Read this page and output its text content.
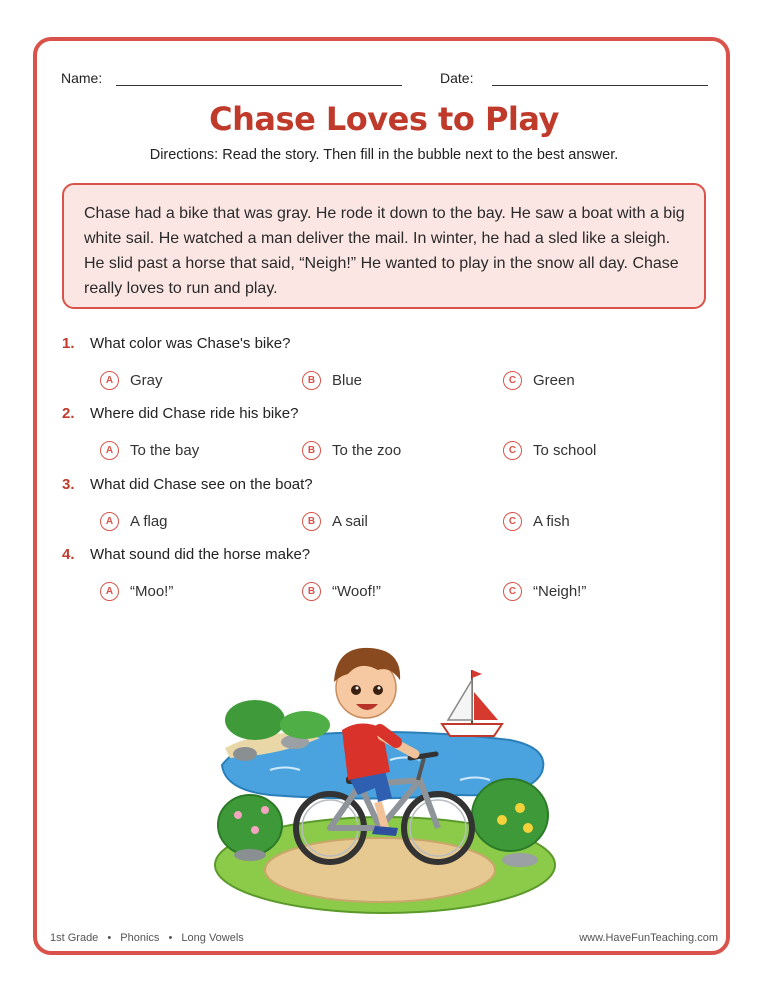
Name:	Date:
Chase Loves to Play
Directions: Read the story. Then fill in the bubble next to the best answer.
Chase had a bike that was gray. He rode it down to the bay. He saw a boat with a big white sail. He watched a man deliver the mail. In winter, he had a sled like a sleigh. He slid past a horse that said, “Neigh!” He wanted to play in the snow all day. Chase really loves to run and play.
1. What color was Chase's bike?
A	Gray	B	Blue	C	Green
2. Where did Chase ride his bike?
A	To the bay	B	To the zoo	C	To school
3. What did Chase see on the boat?
A	A flag	B	A sail	C	A fish
4. What sound did the horse make?
A	“Moo!”	B	“Woof!”	C	“Neigh!”
1st Grade • Phonics • Long Vowels	www.HaveFunTeaching.com
